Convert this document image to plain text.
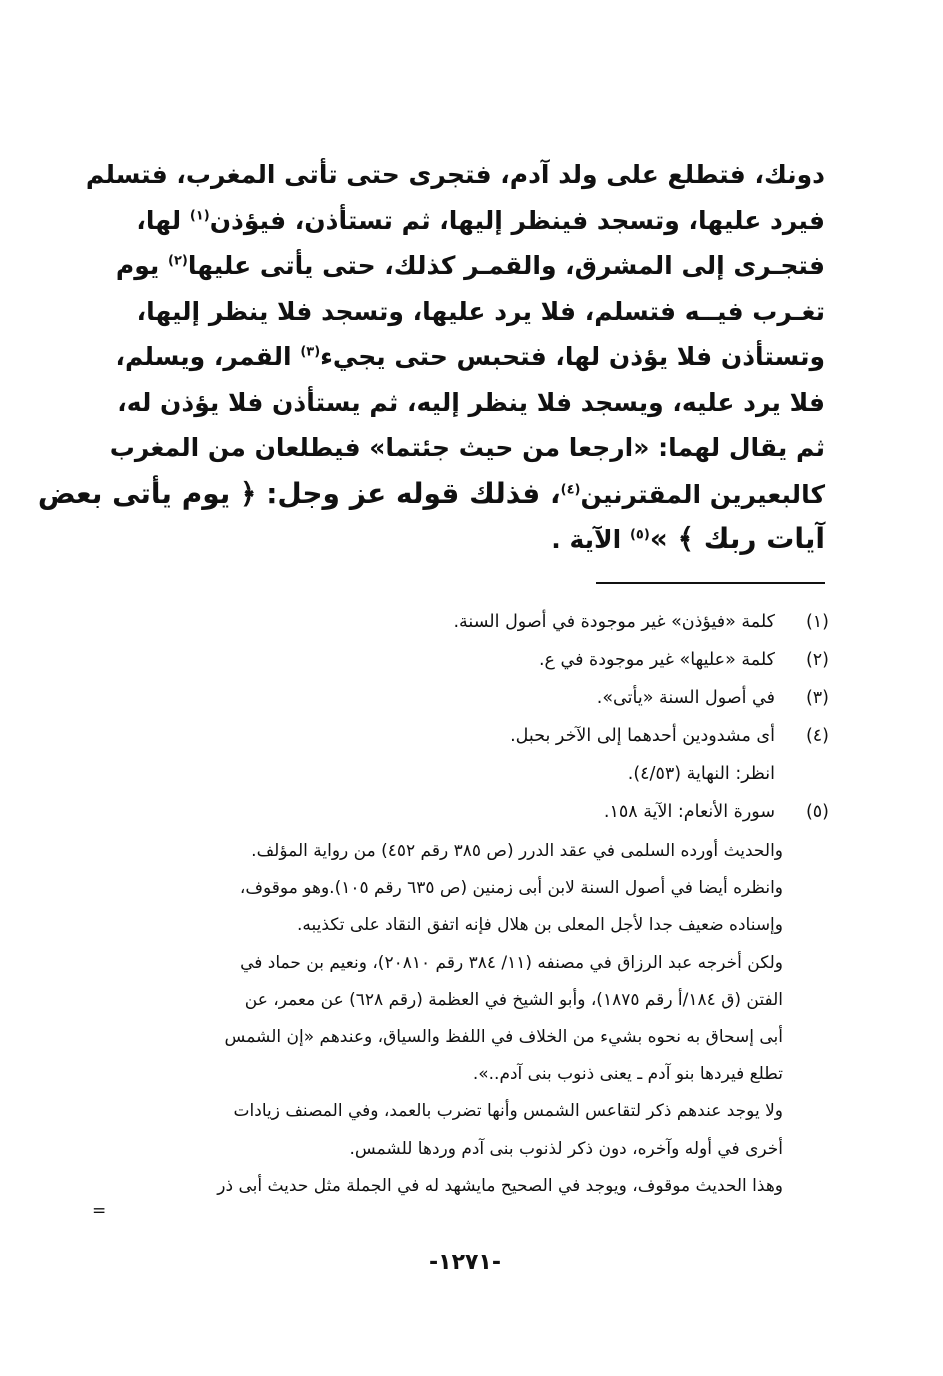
دونك، فتطلع على ولد آدم، فتجرى حتى تأتى المغرب، فتسلم
فيرد عليها، وتسجد فينظر إليها، ثم تستأذن، فيؤذن$^{(١)}$ لها،
فتجـرى إلى المشرق، والقمـر كذلك، حتى يأتى عليها$^{(٢)}$ يوم
تغـرب فيــه فتسلم، فلا يرد عليها، وتسجد فلا ينظر إليها،
وتستأذن فلا يؤذن لها، فتحبس حتى يجيء$^{(٣)}$ القمر، ويسلم،
فلا يرد عليه، ويسجد فلا ينظر إليه، ثم يستأذن فلا يؤذن له،
ثم يقال لهما: «ارجعا من حيث جئتما» فيطلعان من المغرب
كالبعيرين المقترنين$^{(٤)}$، فذلك قوله عز وجل: ﴿ يوم يأتى بعض
آيات ربك ﴾ »$^{(٥)}$ الآية .
(١)
كلمة «فيؤذن» غير موجودة في أصول السنة.
(٢)
كلمة «عليها» غير موجودة في ع.
(٣)
في أصول السنة «يأتى».
(٤)
أى مشدودين أحدهما إلى الآخر بحبل.
انظر: النهاية (٤/٥٣).
(٥)
سورة الأنعام: الآية ١٥٨.
والحديث أورده السلمى في عقد الدرر (ص ٣٨٥ رقم ٤٥٢) من رواية المؤلف.
وانظره أيضا في أصول السنة لابن أبى زمنين (ص ٦٣٥ رقم ١٠٥).وهو موقوف،
وإسناده ضعيف جدا لأجل المعلى بن هلال فإنه اتفق النقاد على تكذيبه.
ولكن أخرجه عبد الرزاق في مصنفه (١١/ ٣٨٤ رقم ٢٠٨١٠)، ونعيم بن حماد في
الفتن (ق ١٨٤/أ رقم ١٨٧٥)، وأبو الشيخ في العظمة (رقم ٦٢٨) عن معمر، عن
أبى إسحاق به نحوه بشيء من الخلاف في اللفظ والسياق، وعندهم «إن الشمس
تطلع فيردها بنو آدم ـ يعنى ذنوب بنى آدم..».
ولا يوجد عندهم ذكر لتقاعس الشمس وأنها تضرب بالعمد، وفي المصنف زيادات
أخرى في أوله وآخره، دون ذكر لذنوب بنى آدم وردها للشمس.
وهذا الحديث موقوف، ويوجد في الصحيح مايشهد له في الجملة مثل حديث أبى ذر
=
-١٢٧١-
